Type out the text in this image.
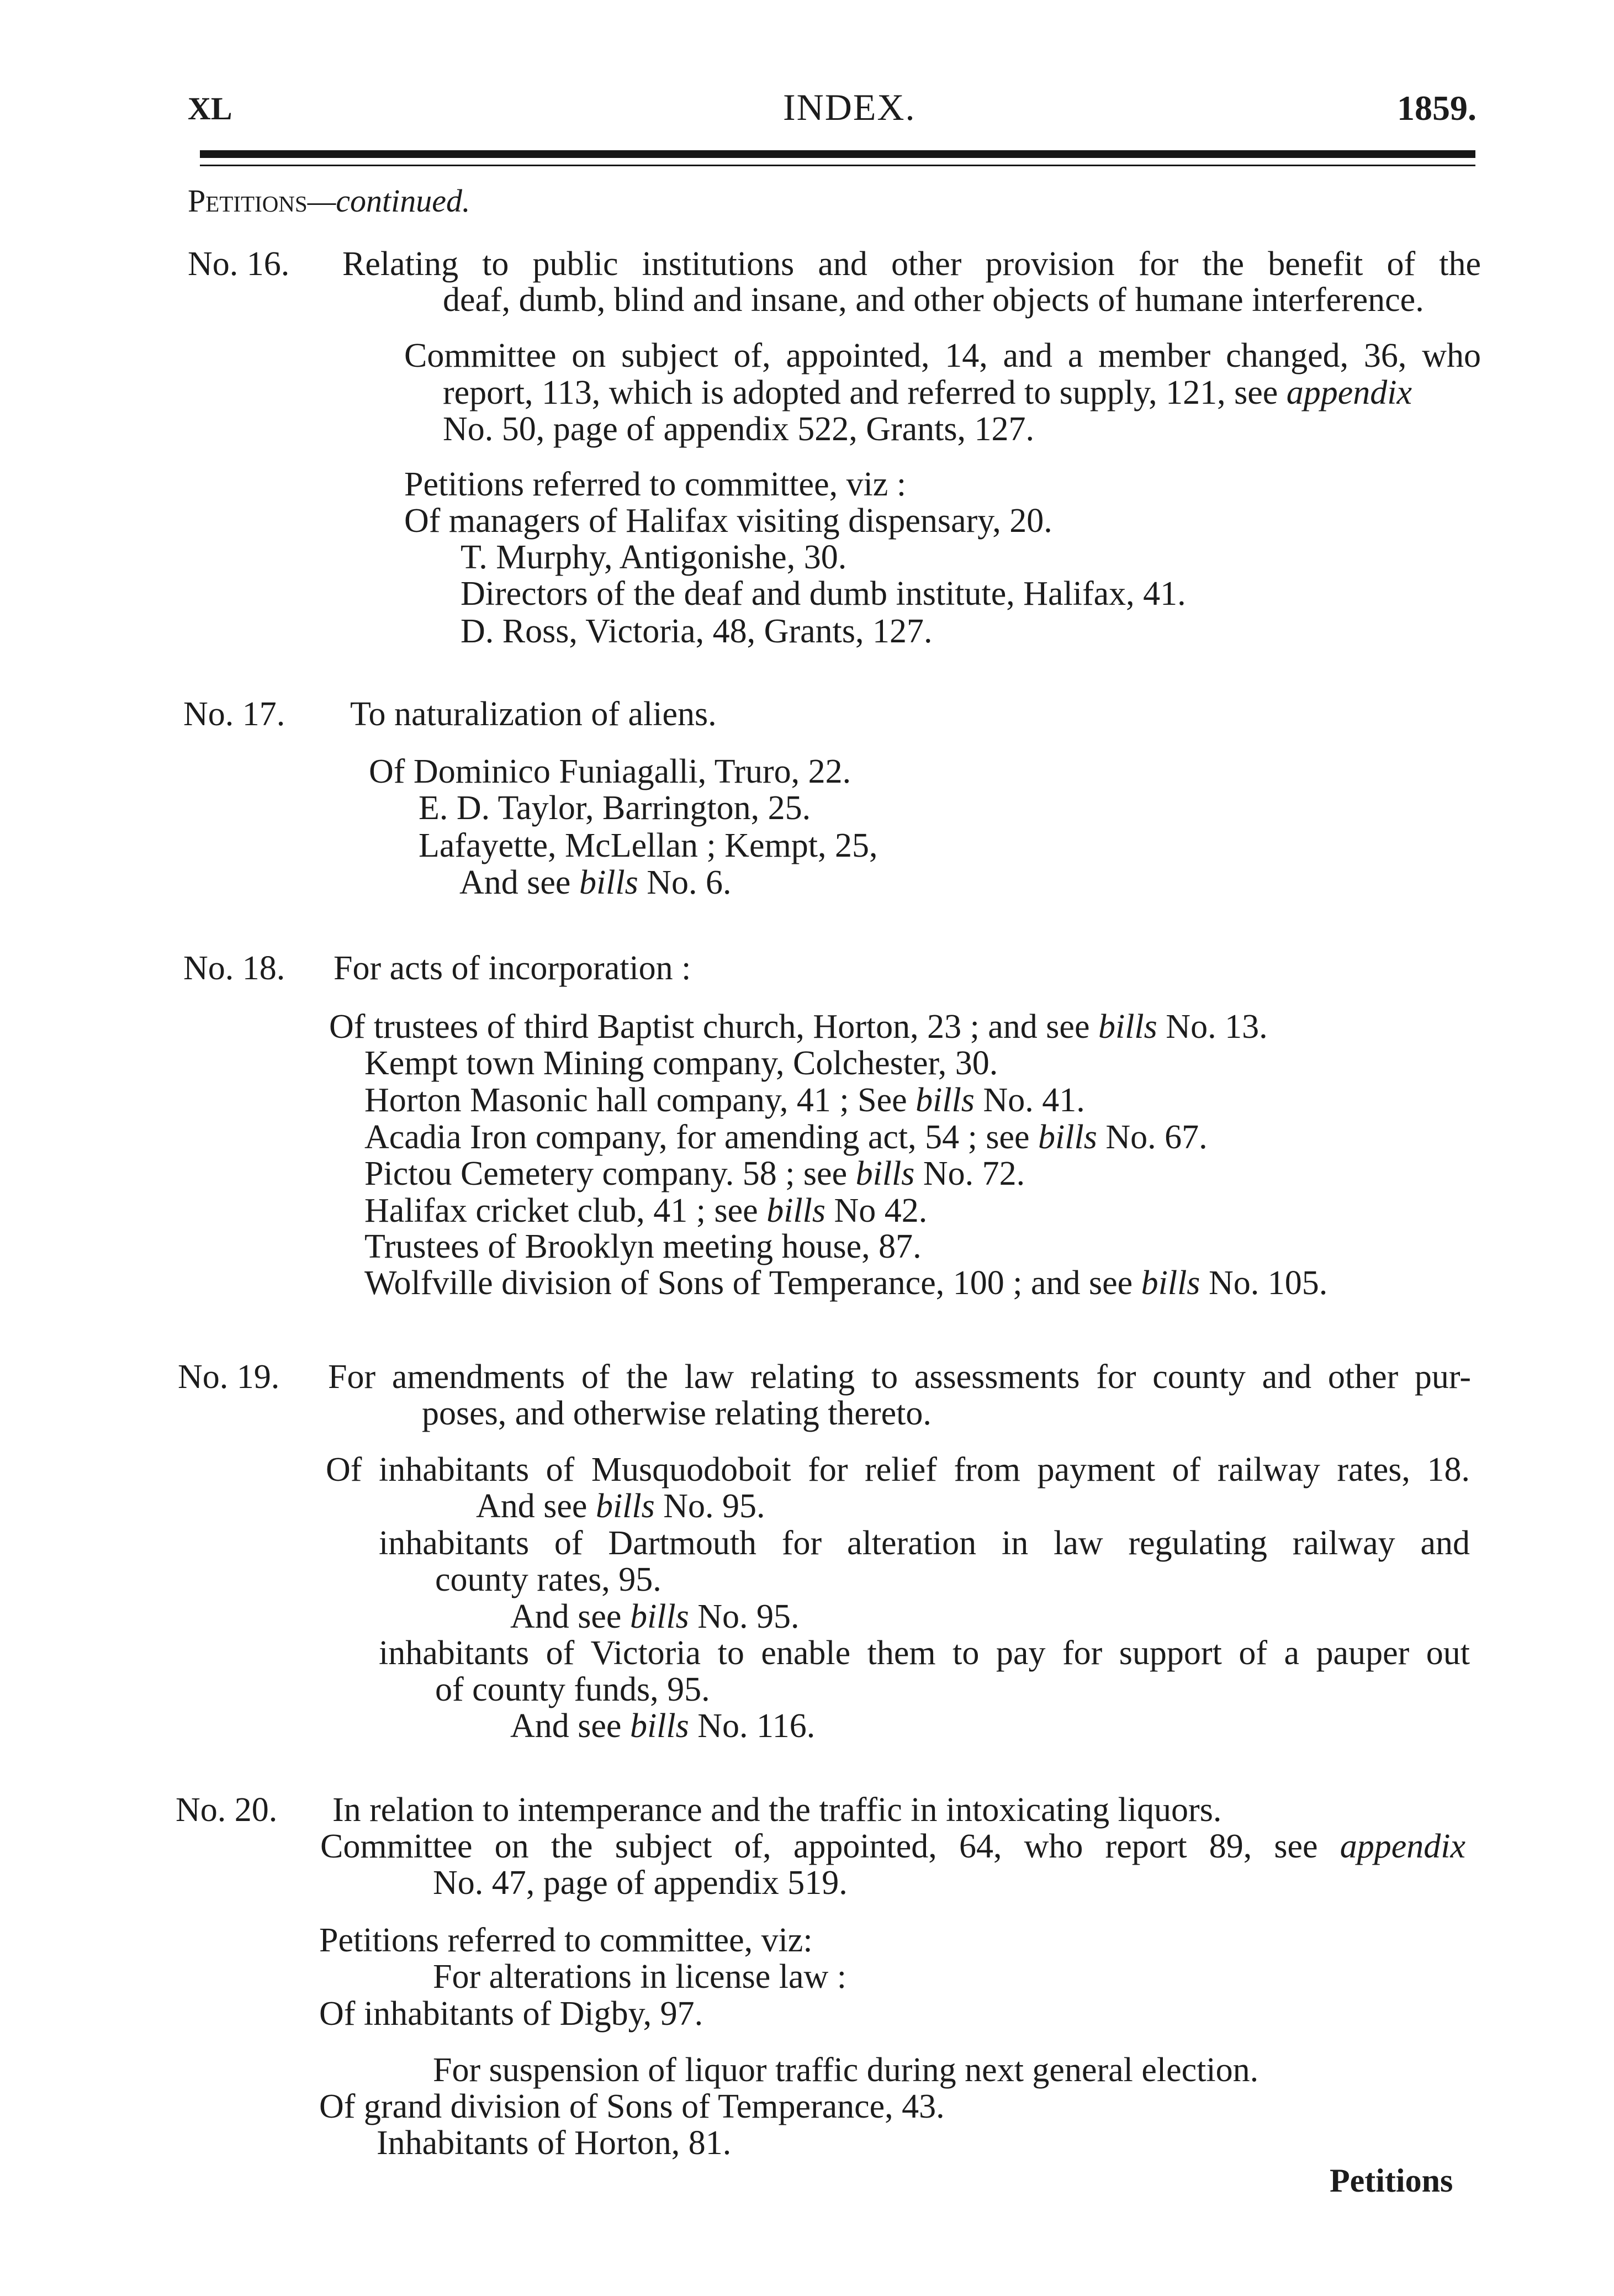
XL	INDEX.	1859.
Petitions—continued.
No. 16. Relating to public institutions and other provision for the benefit of the
deaf, dumb, blind and insane, and other objects of humane interference.
Committee on subject of, appointed, 14, and a member changed, 36, who
report, 113, which is adopted and referred to supply, 121, see appendix
No. 50, page of appendix 522, Grants, 127.
Petitions referred to committee, viz :
Of managers of Halifax visiting dispensary, 20.
T. Murphy, Antigonishe, 30.
Directors of the deaf and dumb institute, Halifax, 41.
D. Ross, Victoria, 48, Grants, 127.
No. 17. To naturalization of aliens.
Of Dominico Funiagalli, Truro, 22.
E. D. Taylor, Barrington, 25.
Lafayette, McLellan ; Kempt, 25,
And see bills No. 6.
No. 18. For acts of incorporation :
Of trustees of third Baptist church, Horton, 23 ; and see bills No. 13.
Kempt town Mining company, Colchester, 30.
Horton Masonic hall company, 41 ; See bills No. 41.
Acadia Iron company, for amending act, 54 ; see bills No. 67.
Pictou Cemetery company. 58 ; see bills No. 72.
Halifax cricket club, 41 ; see bills No 42.
Trustees of Brooklyn meeting house, 87.
Wolfville division of Sons of Temperance, 100 ; and see bills No. 105.
No. 19. For amendments of the law relating to assessments for county and other pur-
poses, and otherwise relating thereto.
Of inhabitants of Musquodoboit for relief from payment of railway rates, 18.
And see bills No. 95.
inhabitants of Dartmouth for alteration in law regulating railway and
county rates, 95.
And see bills No. 95.
inhabitants of Victoria to enable them to pay for support of a pauper out
of county funds, 95.
And see bills No. 116.
No. 20. In relation to intemperance and the traffic in intoxicating liquors.
Committee on the subject of, appointed, 64, who report 89, see appendix
No. 47, page of appendix 519.
Petitions referred to committee, viz:
For alterations in license law :
Of inhabitants of Digby, 97.
For suspension of liquor traffic during next general election.
Of grand division of Sons of Temperance, 43.
Inhabitants of Horton, 81.
Petitions
